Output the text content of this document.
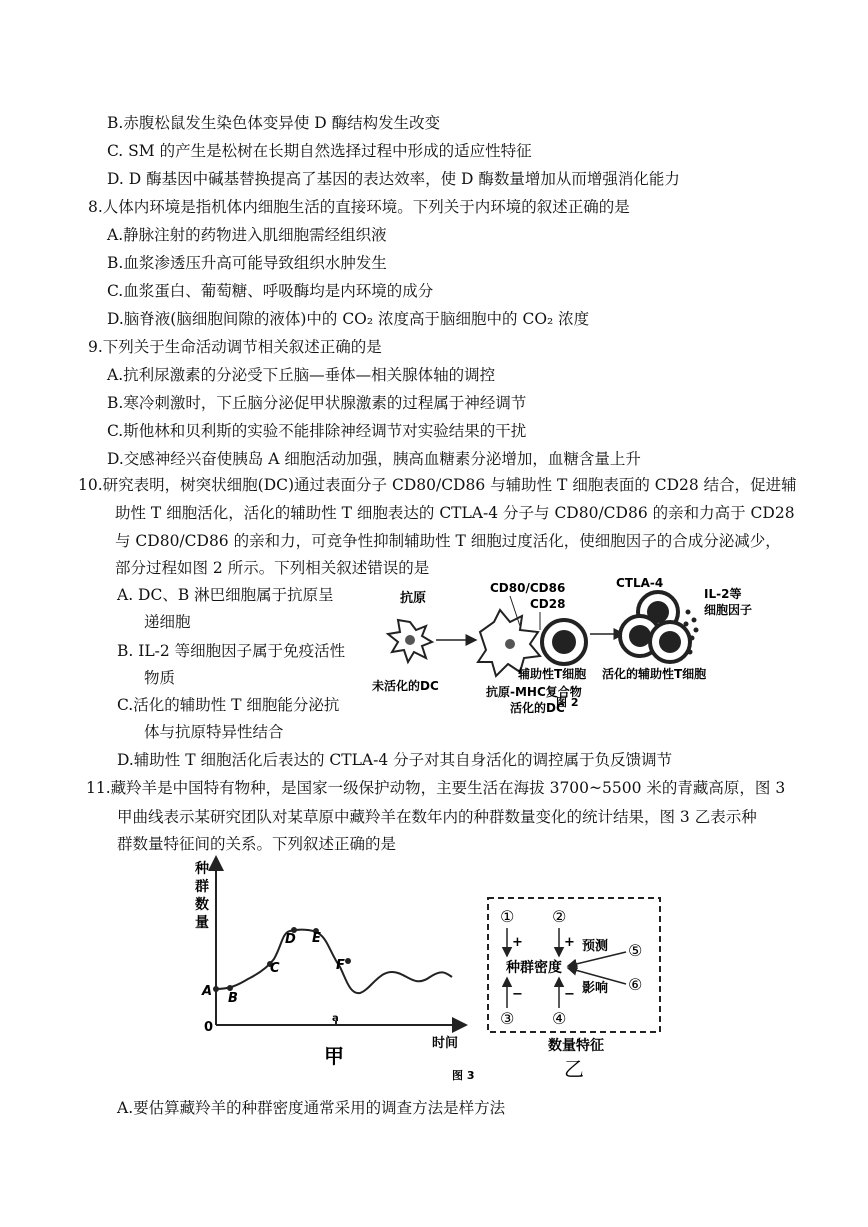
B.赤腹松鼠发生染色体变异使 D 酶结构发生改变
C. SM 的产生是松树在长期自然选择过程中形成的适应性特征
D. D 酶基因中碱基替换提高了基因的表达效率，使 D 酶数量增加从而增强消化能力
8.人体内环境是指机体内细胞生活的直接环境。下列关于内环境的叙述正确的是
A.静脉注射的药物进入肌细胞需经组织液
B.血浆渗透压升高可能导致组织水肿发生
C.血浆蛋白、葡萄糖、呼吸酶均是内环境的成分
D.脑脊液(脑细胞间隙的液体)中的 CO₂ 浓度高于脑细胞中的 CO₂ 浓度
9.下列关于生命活动调节相关叙述正确的是
A.抗利尿激素的分泌受下丘脑—垂体—相关腺体轴的调控
B.寒冷刺激时，下丘脑分泌促甲状腺激素的过程属于神经调节
C.斯他林和贝利斯的实验不能排除神经调节对实验结果的干扰
D.交感神经兴奋使胰岛 A 细胞活动加强，胰高血糖素分泌增加，血糖含量上升
10.研究表明，树突状细胞(DC)通过表面分子 CD80/CD86 与辅助性 T 细胞表面的 CD28 结合，促进辅
助性 T 细胞活化，活化的辅助性 T 细胞表达的 CTLA-4 分子与 CD80/CD86 的亲和力高于 CD28
与 CD80/CD86 的亲和力，可竞争性抑制辅助性 T 细胞过度活化，使细胞因子的合成分泌减少，
部分过程如图 2 所示。下列相关叙述错误的是
A. DC、B 淋巴细胞属于抗原呈
递细胞
B. IL-2 等细胞因子属于免疫活性
物质
C.活化的辅助性 T 细胞能分泌抗
体与抗原特异性结合
D.辅助性 T 细胞活化后表达的 CTLA-4 分子对其自身活化的调控属于负反馈调节
抗原
未活化的DC
CD80/CD86
CD28
辅助性T细胞
抗原-MHC复合物
活化的DC
CTLA-4
IL-2等
细胞因子
活化的辅助性T细胞
图 2
11.藏羚羊是中国特有物种，是国家一级保护动物，主要生活在海拔 3700~5500 米的青藏高原，图 3
甲曲线表示某研究团队对某草原中藏羚羊在数年内的种群数量变化的统计结果，图 3 乙表示种
群数量特征间的关系。下列叙述正确的是
种
群
数
量
0
时间
A B
C
D E
F
a
甲
图 3
① ②
③ ④
⑤
⑥
种群密度
+	+
−	−
预测
影响
数量特征
乙
A.要估算藏羚羊的种群密度通常采用的调查方法是样方法
